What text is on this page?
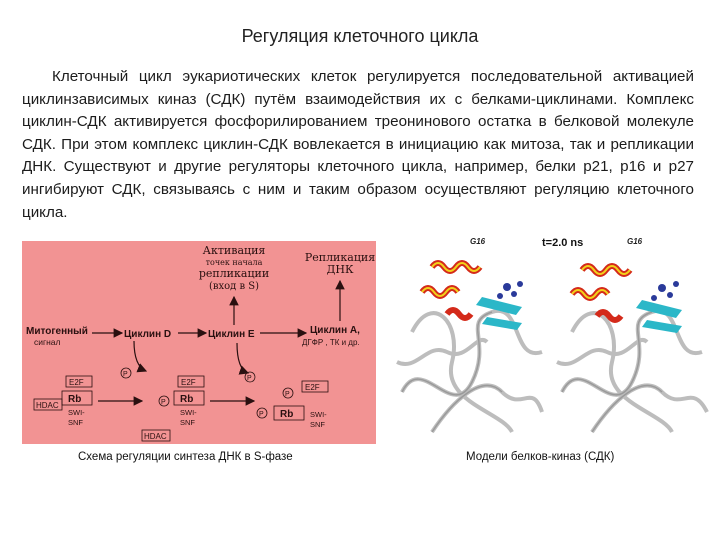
Регуляция клеточного цикла

Клеточный цикл эукариотических клеток регулируется последовательной активацией циклинзависимых киназ (СДК) путём взаимодействия их с белками-циклинами. Комплекс циклин-СДК активируется фосфорилированием треонинового остатка в белковой молекуле СДК. При этом комплекс циклин-СДК вовлекается в инициацию как митоза, так и репликации ДНК. Существуют и другие регуляторы клеточного цикла, например, белки p21, p16 и p27 ингибируют СДК, связываясь с ним и таким образом осуществляют регуляцию клеточного цикла.

Активация
точек начала
репликации
(вход в S)
Репликация
ДНК
Митогенный
сигнал
Циклин D	Циклин E	Циклин A,
ДГФР , ТК и др.
E2F
P
HDAC
Rb
SWI-
SNF
P
E2F
Rb
SWI-
SNF
HDAC
P
P
P
E2F
Rb SWI-
SNF
Схема регуляции синтеза ДНК в S-фазе
G16	t=2.0 ns	G16
Модели белков-киназ (СДК)
